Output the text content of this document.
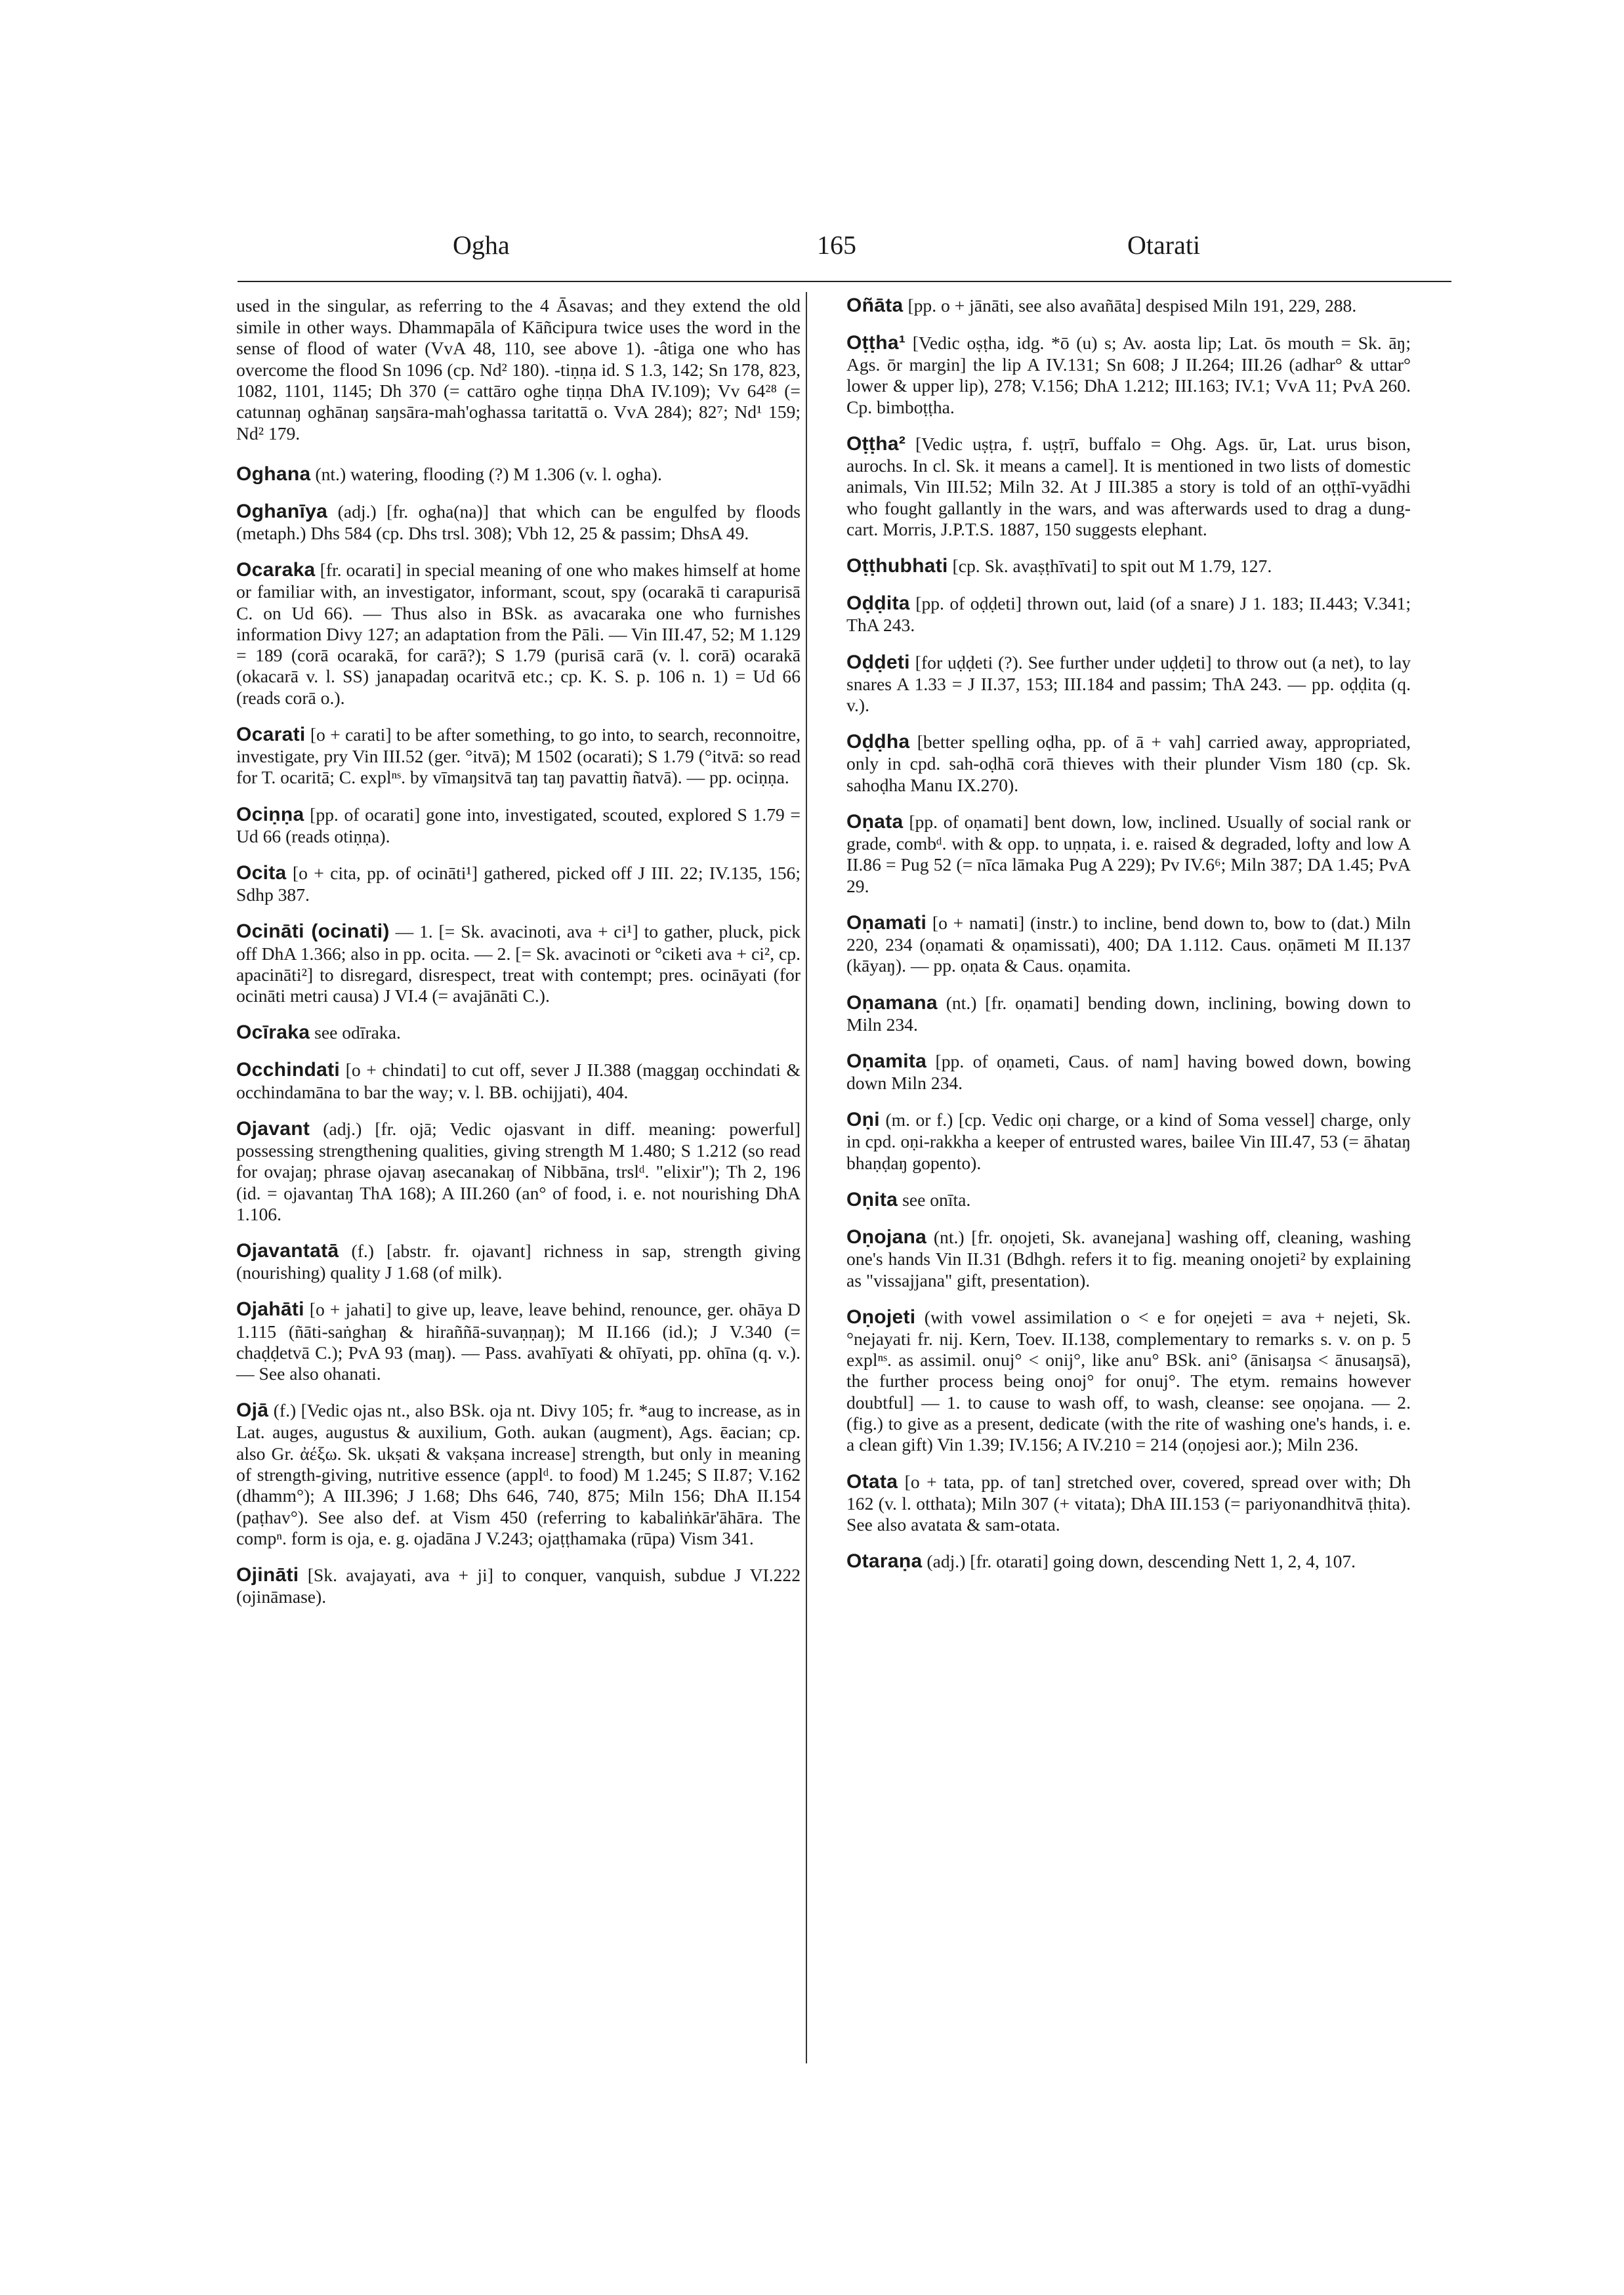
Ogha	165	Otarati

used in the singular, as referring to the 4 Āsavas; and they extend the old simile in other ways. Dhammapāla of Kāñcipura twice uses the word in the sense of flood of water (VvA 48, 110, see above 1). -âtiga one who has overcome the flood Sn 1096 (cp. Nd² 180). -tiṇṇa id. S 1.3, 142; Sn 178, 823, 1082, 1101, 1145; Dh 370 (= cattāro oghe tiṇṇa DhA IV.109); Vv 64²⁸ (= catunnaŋ oghānaŋ saŋsāra-mah'oghassa taritattā o. VvA 284); 82⁷; Nd¹ 159; Nd² 179.

Oghana (nt.) watering, flooding (?) M 1.306 (v. l. ogha).

Oghanīya (adj.) [fr. ogha(na)] that which can be engulfed by floods (metaph.) Dhs 584 (cp. Dhs trsl. 308); Vbh 12, 25 & passim; DhsA 49.

Ocaraka [fr. ocarati] in special meaning of one who makes himself at home or familiar with, an investigator, informant, scout, spy (ocarakā ti carapurisā C. on Ud 66). — Thus also in BSk. as avacaraka one who furnishes information Divy 127; an adaptation from the Pāli. — Vin III.47, 52; M 1.129 = 189 (corā ocarakā, for carā?); S 1.79 (purisā carā (v. l. corā) ocarakā (okacarā v. l. SS) janapadaŋ ocaritvā etc.; cp. K. S. p. 106 n. 1) = Ud 66 (reads corā o.).

Ocarati [o + carati] to be after something, to go into, to search, reconnoitre, investigate, pry Vin III.52 (ger. °itvā); M 1502 (ocarati); S 1.79 (°itvā: so read for T. ocaritā; C. explⁿˢ. by vīmaŋsitvā taŋ taŋ pavattiŋ ñatvā). — pp. ociṇṇa.

Ociṇṇa [pp. of ocarati] gone into, investigated, scouted, explored S 1.79 = Ud 66 (reads otiṇṇa).

Ocita [o + cita, pp. of ocināti¹] gathered, picked off J III. 22; IV.135, 156; Sdhp 387.

Ocināti (ocinati) — 1. [= Sk. avacinoti, ava + ci¹] to gather, pluck, pick off DhA 1.366; also in pp. ocita. — 2. [= Sk. avacinoti or °ciketi ava + ci², cp. apacināti²] to disregard, disrespect, treat with contempt; pres. ocināyati (for ocināti metri causa) J VI.4 (= avajānāti C.).

Ocīraka see odīraka.

Occhindati [o + chindati] to cut off, sever J II.388 (maggaŋ occhindati & occhindamāna to bar the way; v. l. BB. ochijjati), 404.

Ojavant (adj.) [fr. ojā; Vedic ojasvant in diff. meaning: powerful] possessing strengthening qualities, giving strength M 1.480; S 1.212 (so read for ovajaŋ; phrase ojavaŋ asecanakaŋ of Nibbāna, trslᵈ. "elixir"); Th 2, 196 (id. = ojavantaŋ ThA 168); A III.260 (an° of food, i. e. not nourishing DhA 1.106.

Ojavantatā (f.) [abstr. fr. ojavant] richness in sap, strength giving (nourishing) quality J 1.68 (of milk).

Ojahāti [o + jahati] to give up, leave, leave behind, renounce, ger. ohāya D 1.115 (ñāti-saṅghaŋ & hiraññā-suvaṇṇaŋ); M II.166 (id.); J V.340 (= chaḍḍetvā C.); PvA 93 (maŋ). — Pass. avahīyati & ohīyati, pp. ohīna (q. v.). — See also ohanati.

Ojā (f.) [Vedic ojas nt., also BSk. oja nt. Divy 105; fr. *aug to increase, as in Lat. auges, augustus & auxilium, Goth. aukan (augment), Ags. ēacian; cp. also Gr. ἀέξω. Sk. ukṣati & vakṣana increase] strength, but only in meaning of strength-giving, nutritive essence (applᵈ. to food) M 1.245; S II.87; V.162 (dhamm°); A III.396; J 1.68; Dhs 646, 740, 875; Miln 156; DhA II.154 (paṭhav°). See also def. at Vism 450 (referring to kabaliṅkār'āhāra. The compⁿ. form is oja, e. g. ojadāna J V.243; ojaṭṭhamaka (rūpa) Vism 341.

Ojināti [Sk. avajayati, ava + ji] to conquer, vanquish, subdue J VI.222 (ojināmase).

Oñāta [pp. o + jānāti, see also avañāta] despised Miln 191, 229, 288.

Oṭṭha¹ [Vedic oṣṭha, idg. *ō (u) s; Av. aosta lip; Lat. ōs mouth = Sk. āŋ; Ags. ōr margin] the lip A IV.131; Sn 608; J II.264; III.26 (adhar° & uttar° lower & upper lip), 278; V.156; DhA 1.212; III.163; IV.1; VvA 11; PvA 260. Cp. bimboṭṭha.

Oṭṭha² [Vedic uṣṭra, f. uṣṭrī, buffalo = Ohg. Ags. ūr, Lat. urus bison, aurochs. In cl. Sk. it means a camel]. It is mentioned in two lists of domestic animals, Vin III.52; Miln 32. At J III.385 a story is told of an oṭṭhī-vyādhi who fought gallantly in the wars, and was afterwards used to drag a dung-cart. Morris, J.P.T.S. 1887, 150 suggests elephant.

Oṭṭhubhati [cp. Sk. avaṣṭhīvati] to spit out M 1.79, 127.

Oḍḍita [pp. of oḍḍeti] thrown out, laid (of a snare) J 1. 183; II.443; V.341; ThA 243.

Oḍḍeti [for uḍḍeti (?). See further under uḍḍeti] to throw out (a net), to lay snares A 1.33 = J II.37, 153; III.184 and passim; ThA 243. — pp. oḍḍita (q. v.).

Oḍḍha [better spelling oḍha, pp. of ā + vah] carried away, appropriated, only in cpd. sah-oḍhā corā thieves with their plunder Vism 180 (cp. Sk. sahoḍha Manu IX.270).

Oṇata [pp. of oṇamati] bent down, low, inclined. Usually of social rank or grade, combᵈ. with & opp. to uṇṇata, i. e. raised & degraded, lofty and low A II.86 = Pug 52 (= nīca lāmaka Pug A 229); Pv IV.6⁶; Miln 387; DA 1.45; PvA 29.

Oṇamati [o + namati] (instr.) to incline, bend down to, bow to (dat.) Miln 220, 234 (oṇamati & oṇamissati), 400; DA 1.112. Caus. oṇāmeti M II.137 (kāyaŋ). — pp. oṇata & Caus. oṇamita.

Oṇamana (nt.) [fr. oṇamati] bending down, inclining, bowing down to Miln 234.

Oṇamita [pp. of oṇameti, Caus. of nam] having bowed down, bowing down Miln 234.

Oṇi (m. or f.) [cp. Vedic oṇi charge, or a kind of Soma vessel] charge, only in cpd. oṇi-rakkha a keeper of entrusted wares, bailee Vin III.47, 53 (= āhataŋ bhaṇḍaŋ gopento).

Oṇita see onīta.

Oṇojana (nt.) [fr. oṇojeti, Sk. avanejana] washing off, cleaning, washing one's hands Vin II.31 (Bdhgh. refers it to fig. meaning onojeti² by explaining as "vissajjana" gift, presentation).

Oṇojeti (with vowel assimilation o < e for oṇejeti = ava + nejeti, Sk. °nejayati fr. nij. Kern, Toev. II.138, complementary to remarks s. v. on p. 5 explⁿˢ. as assimil. onuj° < onij°, like anu° BSk. ani° (ānisaŋsa < ānusaŋsā), the further process being onoj° for onuj°. The etym. remains however doubtful] — 1. to cause to wash off, to wash, cleanse: see oṇojana. — 2. (fig.) to give as a present, dedicate (with the rite of washing one's hands, i. e. a clean gift) Vin 1.39; IV.156; A IV.210 = 214 (oṇojesi aor.); Miln 236.

Otata [o + tata, pp. of tan] stretched over, covered, spread over with; Dh 162 (v. l. otthata); Miln 307 (+ vitata); DhA III.153 (= pariyonandhitvā ṭhita). See also avatata & sam-otata.

Otaraṇa (adj.) [fr. otarati] going down, descending Nett 1, 2, 4, 107.
